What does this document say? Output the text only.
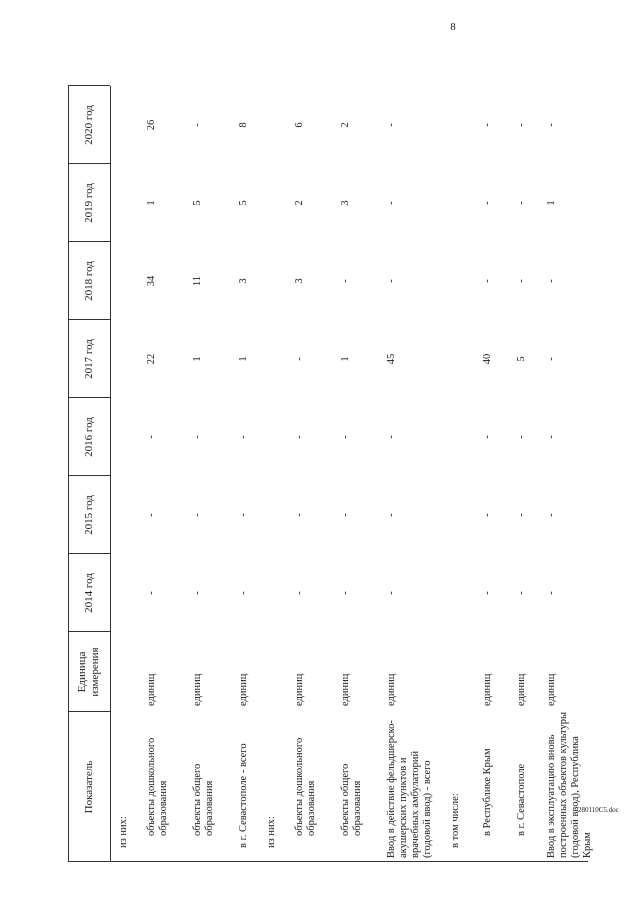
8
Показатель
Единица измерения
2014 год
2015 год
2016 год
2017 год
2018 год
2019 год
2020 год
из них: объекты дошкольного образования
единиц
-
-
-
22
34
1
26
объекты общего образования
единиц
-
-
-
1
11
5
-
в г. Севастополе - всего
единиц
-
-
-
1
3
5
8
из них: объекты дошкольного образования
единиц
-
-
-
-
3
2
6
объекты общего образования
единиц
-
-
-
1
-
3
2
Ввод в действие фельдшерско-акушерских пунктов и врачебных амбулаторий (годовой ввод) - всего
единиц
-
-
-
45
-
-
-
в том числе: в Республике Крым
единиц
-
-
-
40
-
-
-
в г. Севастополе
единиц
-
-
-
5
-
-
-
Ввод в эксплуатацию вновь построенных объектов культуры (годовой ввод), Республика Крым
единиц
-
-
-
-
-
1
-
280110C5.doc
